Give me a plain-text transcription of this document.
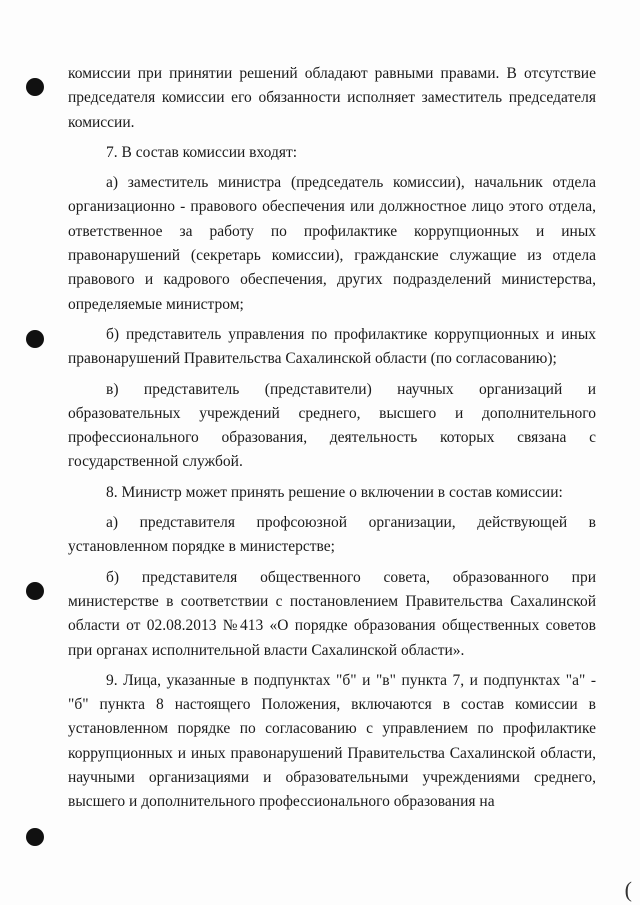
комиссии при принятии решений обладают равными правами. В отсутствие председателя комиссии его обязанности исполняет заместитель председателя комиссии.

7. В состав комиссии входят:

а) заместитель министра (председатель комиссии), начальник отдела организационно - правового обеспечения или должностное лицо этого отдела, ответственное за работу по профилактике коррупционных и иных правонарушений (секретарь комиссии), гражданские служащие из отдела правового и кадрового обеспечения, других подразделений министерства, определяемые министром;

б) представитель управления по профилактике коррупционных и иных правонарушений Правительства Сахалинской области (по согласованию);

в) представитель (представители) научных организаций и образовательных учреждений среднего, высшего и дополнительного профессионального образования, деятельность которых связана с государственной службой.

8. Министр может принять решение о включении в состав комиссии:

а) представителя профсоюзной организации, действующей в установленном порядке в министерстве;

б) представителя общественного совета, образованного при министерстве в соответствии с постановлением Правительства Сахалинской области от 02.08.2013 №413 «О порядке образования общественных советов при органах исполнительной власти Сахалинской области».

9. Лица, указанные в подпунктах "б" и "в" пункта 7, и подпунктах "а" - "б" пункта 8 настоящего Положения, включаются в состав комиссии в установленном порядке по согласованию с управлением по профилактике коррупционных и иных правонарушений Правительства Сахалинской области, научными организациями и образовательными учреждениями среднего, высшего и дополнительного профессионального образования на

(
